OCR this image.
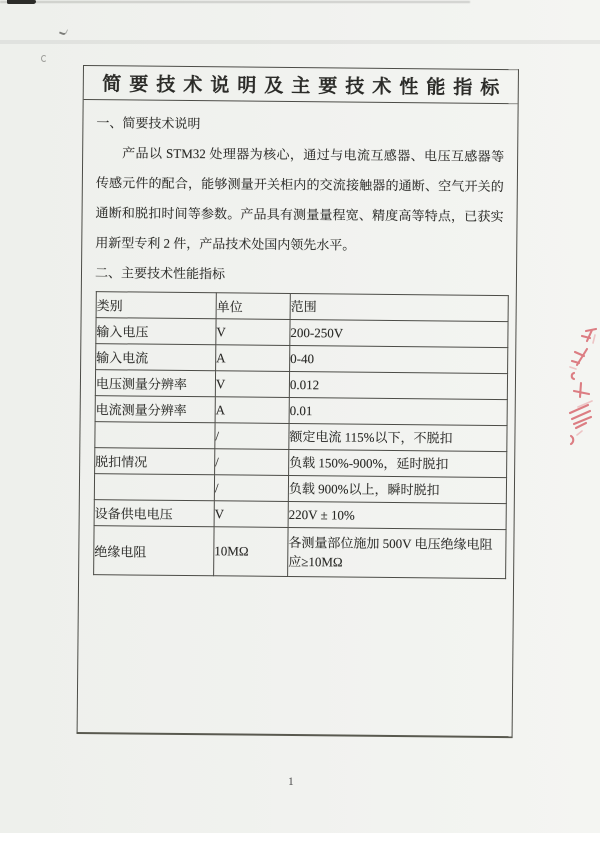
简要技术说明及主要技术性能指标

一、简要技术说明

产品以 STM32 处理器为核心，通过与电流互感器、电压互感器等传感元件的配合，能够测量开关柜内的交流接触器的通断、空气开关的通断和脱扣时间等参数。产品具有测量量程宽、精度高等特点，已获实用新型专利 2 件，产品技术处国内领先水平。

二、主要技术性能指标

类别	单位	范围
输入电压	V	200-250V
输入电流	A	0-40
电压测量分辨率	V	0.012
电流测量分辨率	A	0.01
	/	额定电流 115%以下，不脱扣
脱扣情况	/	负载 150%-900%，延时脱扣
	/	负载 900%以上，瞬时脱扣
设备供电电压	V	220V ± 10%
绝缘电阻	10MΩ	各测量部位施加 500V 电压绝缘电阻应≥10MΩ
1
